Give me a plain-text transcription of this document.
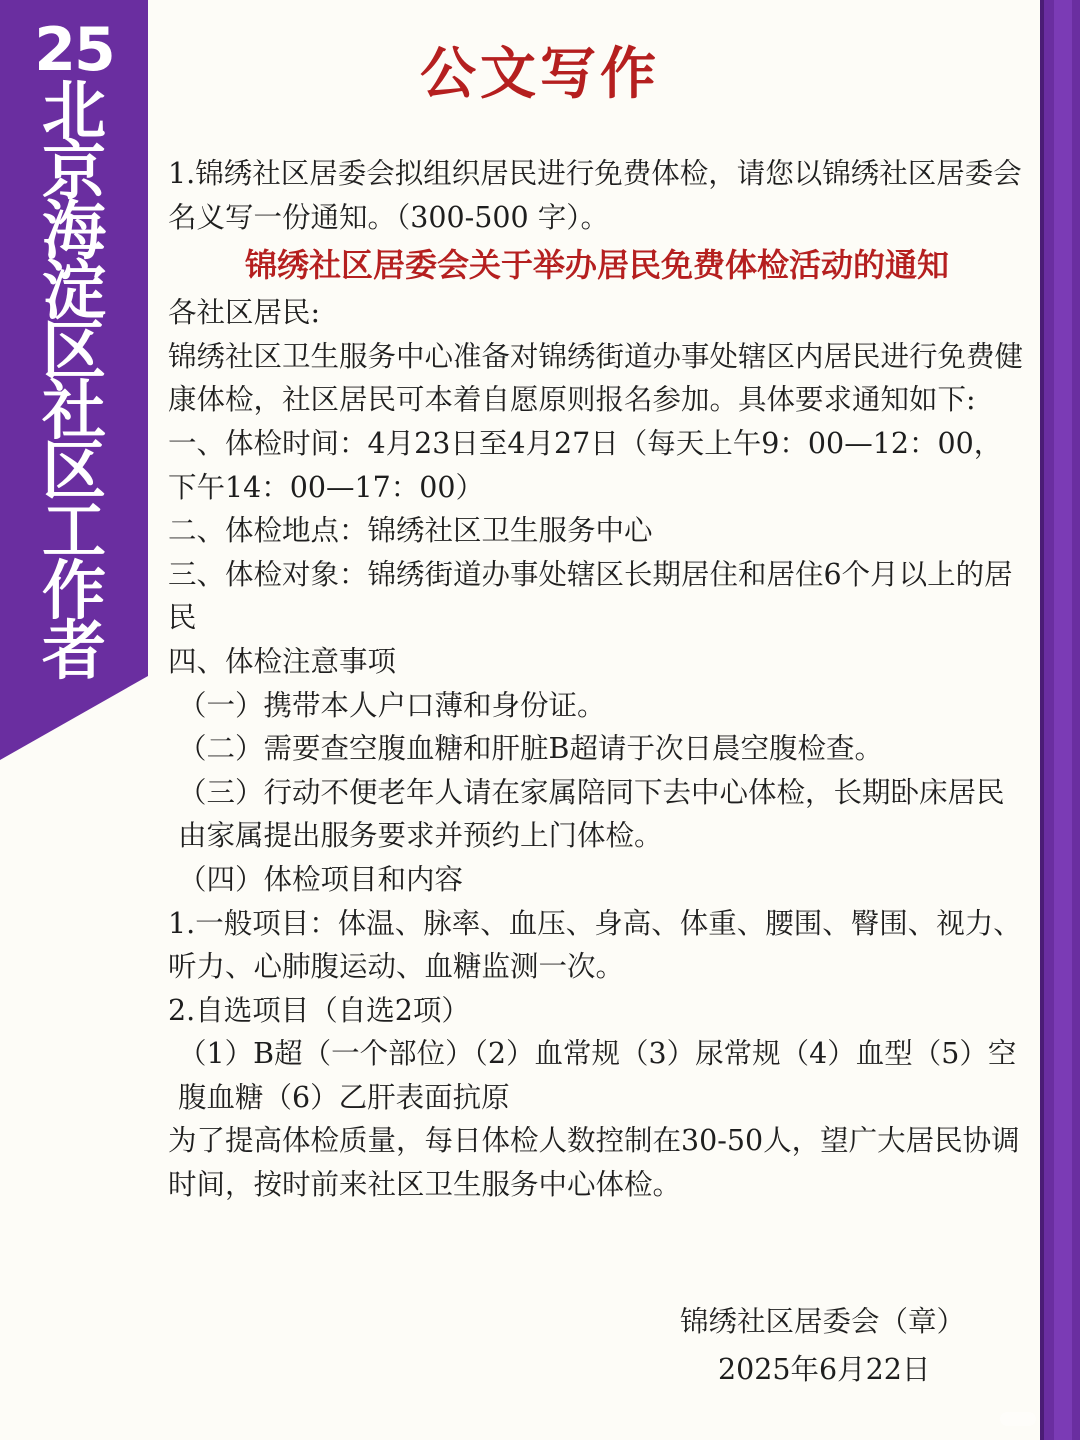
25
北
京
海
淀
区
社
区
工
作
者
公文写作

1.锦绣社区居委会拟组织居民进行免费体检，请您以锦绣社区居委会名义写一份通知。（300-500 字）。

锦绣社区居委会关于举办居民免费体检活动的通知

各社区居民:

锦绣社区卫生服务中心准备对锦绣街道办事处辖区内居民进行免费健康体检，社区居民可本着自愿原则报名参加。具体要求通知如下:

一、体检时间：4月23日至4月27日（每天上午9：00—12：00，下午14：00—17：00）

二、体检地点：锦绣社区卫生服务中心

三、体检对象：锦绣街道办事处辖区长期居住和居住6个月以上的居民

四、体检注意事项

（一）携带本人户口薄和身份证。

（二）需要查空腹血糖和肝脏B超请于次日晨空腹检查。

（三）行动不便老年人请在家属陪同下去中心体检，长期卧床居民由家属提出服务要求并预约上门体检。

（四）体检项目和内容

1.一般项目：体温、脉率、血压、身高、体重、腰围、臀围、视力、听力、心肺腹运动、血糖监测一次。

2.自选项目（自选2项）

（1）B超（一个部位）（2）血常规（3）尿常规（4）血型（5）空腹血糖（6）乙肝表面抗原

为了提高体检质量，每日体检人数控制在30-50人，望广大居民协调时间，按时前来社区卫生服务中心体检。

锦绣社区居委会（章）
2025年6月22日
